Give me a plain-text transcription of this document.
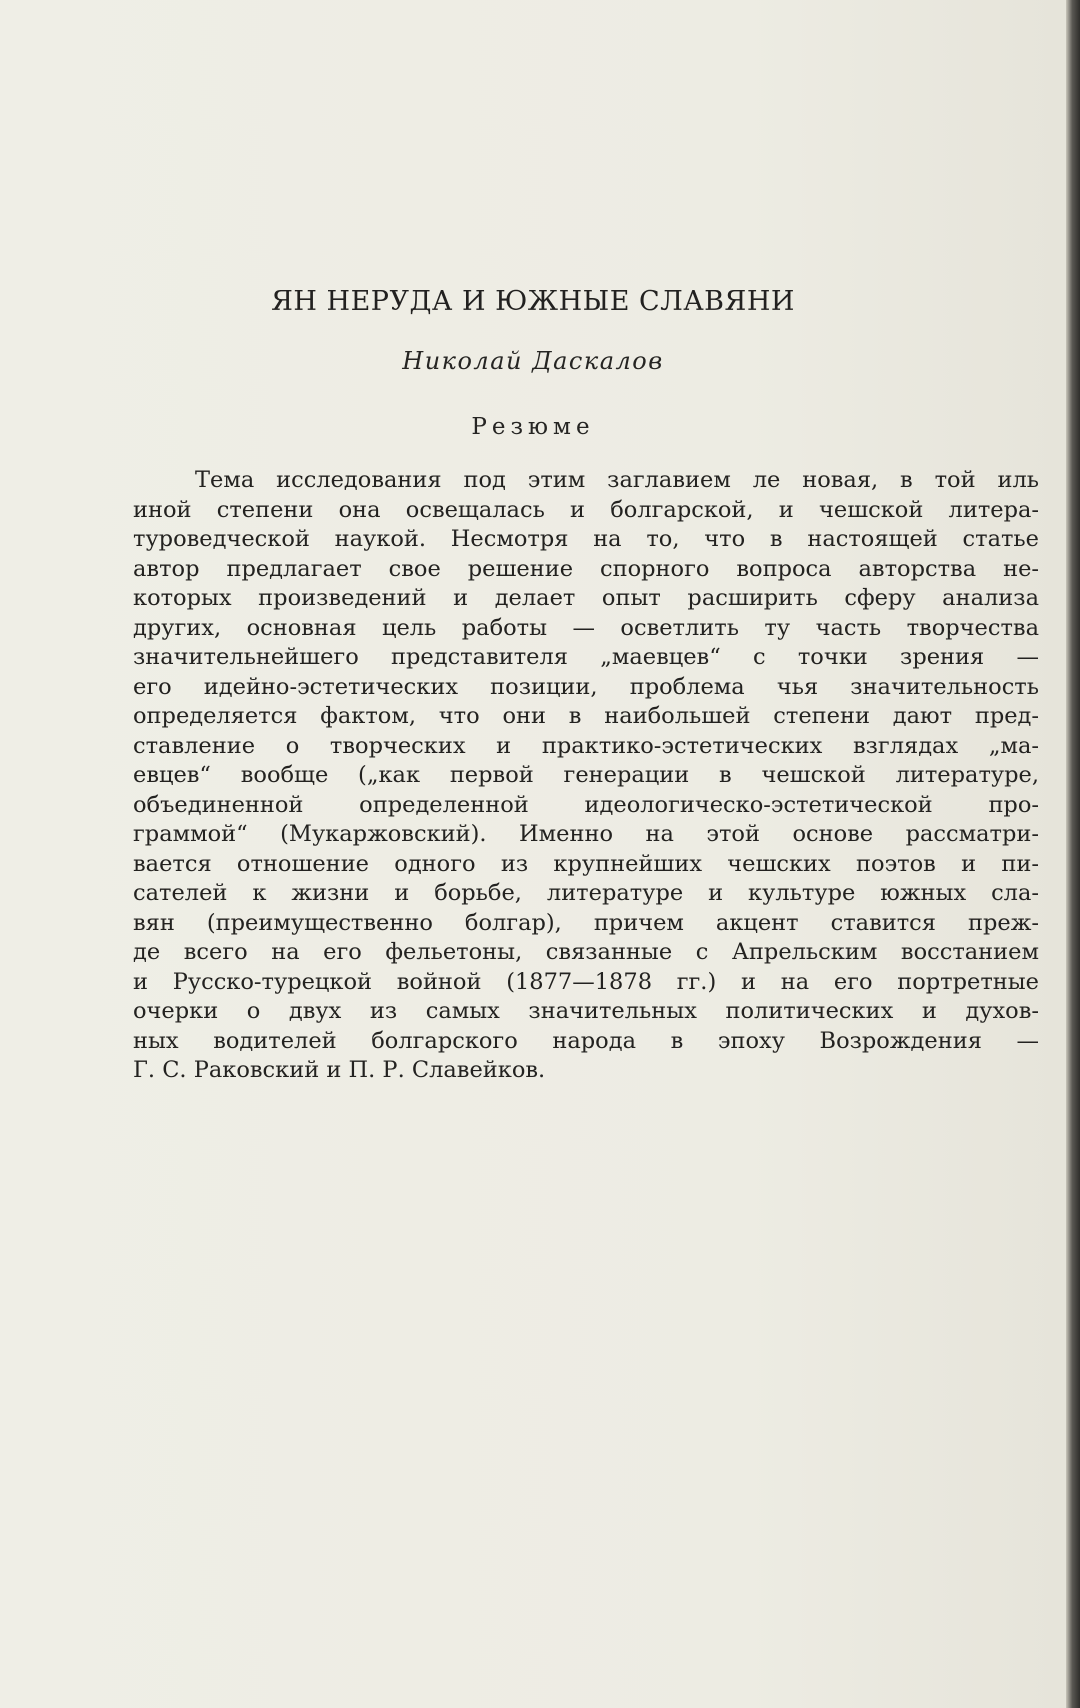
ЯН НЕРУДА И ЮЖНЫЕ СЛАВЯНИ

Николай Даскалов

Резюме

Тема исследования под этим заглавием ле новая, в той иль
иной степени она освещалась и болгарской, и чешской литера-
туроведческой наукой. Несмотря на то, что в настоящей статье
автор предлагает свое решение спорного вопроса авторства не-
которых произведений и делает опыт расширить сферу анализа
других, основная цель работы — осветлить ту часть творчества
значительнейшего представителя „маевцев“ с точки зрения —
его идейно-эстетических позиции, проблема чья значительность
определяется фактом, что они в наибольшей степени дают пред-
ставление о творческих и практико-эстетических взглядах „ма-
евцев“ вообще („как первой генерации в чешской литературе,
объединенной определенной идеологическо-эстетической про-
граммой“ (Мукаржовский). Именно на этой основе рассматри-
вается отношение одного из крупнейших чешских поэтов и пи-
сателей к жизни и борьбе, литературе и культуре южных сла-
вян (преимущественно болгар), причем акцент ставится преж-
де всего на его фельетоны, связанные с Апрельским восстанием
и Русско-турецкой войной (1877—1878 гг.) и на его портретные
очерки о двух из самых значительных политических и духов-
ных водителей болгарского народа в эпоху Возрождения —
Г. С. Раковский и П. Р. Славейков.
